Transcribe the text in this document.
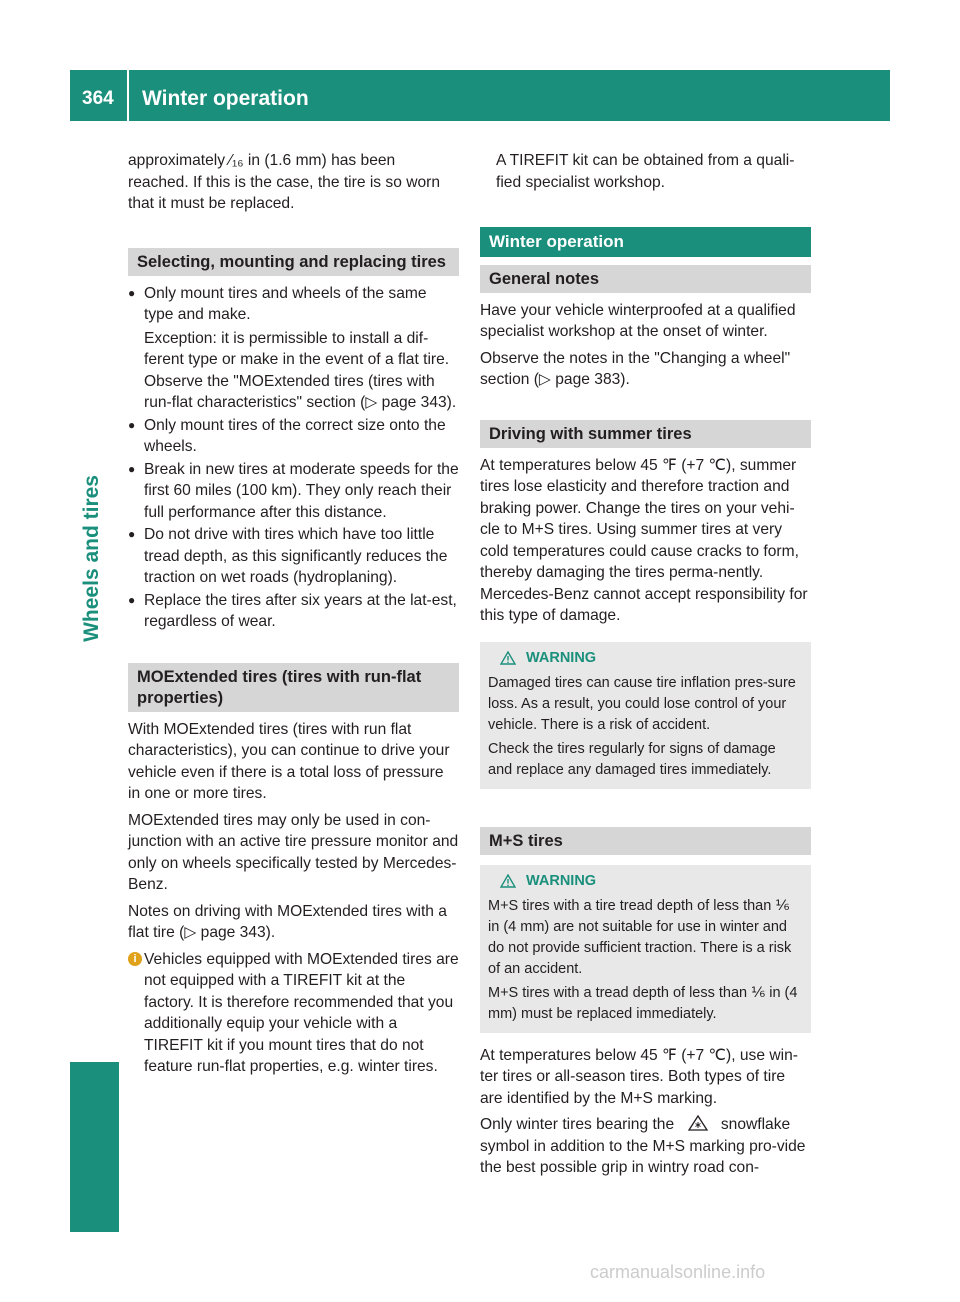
364 Winter operation
Wheels and tires

approximately ⁄₁₆ in (1.6 mm) has been reached. If this is the case, the tire is so worn that it must be replaced.

Selecting, mounting and replacing tires
● Only mount tires and wheels of the same type and make.
Exception: it is permissible to install a dif-ferent type or make in the event of a flat tire. Observe the "MOExtended tires (tires with run-flat characteristics" section (▷ page 343).
● Only mount tires of the correct size onto the wheels.
● Break in new tires at moderate speeds for the first 60 miles (100 km). They only reach their full performance after this distance.
● Do not drive with tires which have too little tread depth, as this significantly reduces the traction on wet roads (hydroplaning).
● Replace the tires after six years at the lat-est, regardless of wear.
MOExtended tires (tires with run-flat properties)

With MOExtended tires (tires with run flat characteristics), you can continue to drive your vehicle even if there is a total loss of pressure in one or more tires.

MOExtended tires may only be used in con-junction with an active tire pressure monitor and only on wheels specifically tested by Mercedes-Benz.

Notes on driving with MOExtended tires with a flat tire (▷ page 343).

i Vehicles equipped with MOExtended tires are not equipped with a TIREFIT kit at the factory. It is therefore recommended that you additionally equip your vehicle with a TIREFIT kit if you mount tires that do not feature run-flat properties, e.g. winter tires.

A TIREFIT kit can be obtained from a quali-fied specialist workshop.

Winter operation
General notes

Have your vehicle winterproofed at a qualified specialist workshop at the onset of winter.

Observe the notes in the "Changing a wheel" section (▷ page 383).

Driving with summer tires

At temperatures below 45 ℉ (+7 ℃), summer tires lose elasticity and therefore traction and braking power. Change the tires on your vehi-cle to M+S tires. Using summer tires at very cold temperatures could cause cracks to form, thereby damaging the tires perma-nently. Mercedes-Benz cannot accept responsibility for this type of damage.

WARNING

Damaged tires can cause tire inflation pres-sure loss. As a result, you could lose control of your vehicle. There is a risk of accident.

Check the tires regularly for signs of damage and replace any damaged tires immediately.

M+S tires
WARNING

M+S tires with a tire tread depth of less than ⅙ in (4 mm) are not suitable for use in winter and do not provide sufficient traction. There is a risk of an accident.

M+S tires with a tread depth of less than ⅙ in (4 mm) must be replaced immediately.

At temperatures below 45 ℉ (+7 ℃), use win-ter tires or all-season tires. Both types of tire are identified by the M+S marking.

Only winter tires bearing the	snowflake symbol in addition to the M+S marking pro-vide the best possible grip in wintry road con-

carmanualsonline.info
